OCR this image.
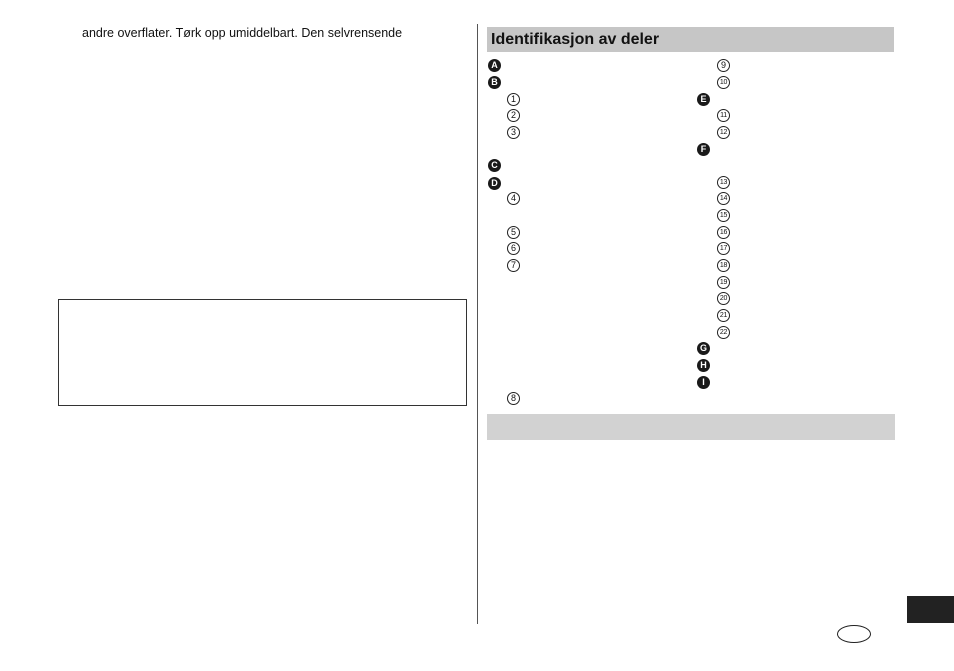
andre overflater. Tørk opp umiddelbart. Den selvrensende	Identifikasjon av deler
A
B
1
2
3
C
D
4
5
6
7
8
9
10
E
11
12
F
13
14
15
16
17
18
19
20
21
22
G
H
I
